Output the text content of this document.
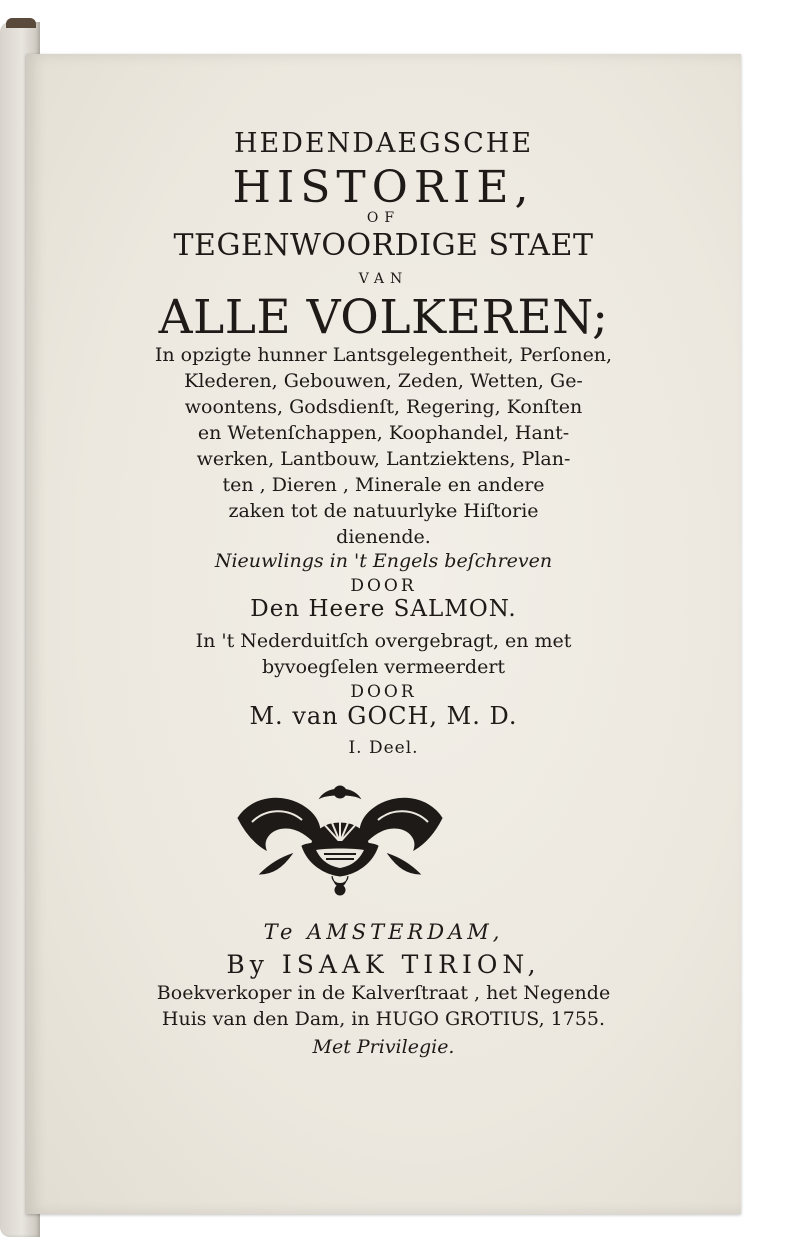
HEDENDAEGSCHE
HISTORIE,
OF
TEGENWOORDIGE STAET
VAN
ALLE VOLKEREN;
In opzigte hunner Lantsgelegentheit, Perſonen,
Klederen, Gebouwen, Zeden, Wetten, Ge-
woontens, Godsdienſt, Regering, Konſten
en Wetenſchappen, Koophandel, Hant-
werken, Lantbouw, Lantziektens, Plan-
ten , Dieren , Minerale en andere
zaken tot de natuurlyke Hiſtorie
dienende.
Nieuwlings in 't Engels beſchreven
DOOR
Den Heere SALMON.
In 't Nederduitſch overgebragt, en met
byvoegſelen vermeerdert
DOOR
M. van GOCH, M. D.
I. Deel.
Te AMSTERDAM,
By ISAAK TIRION,
Boekverkoper in de Kalverſtraat , het Negende
Huis van den Dam, in HUGO GROTIUS, 1755.
Met Privilegie.
